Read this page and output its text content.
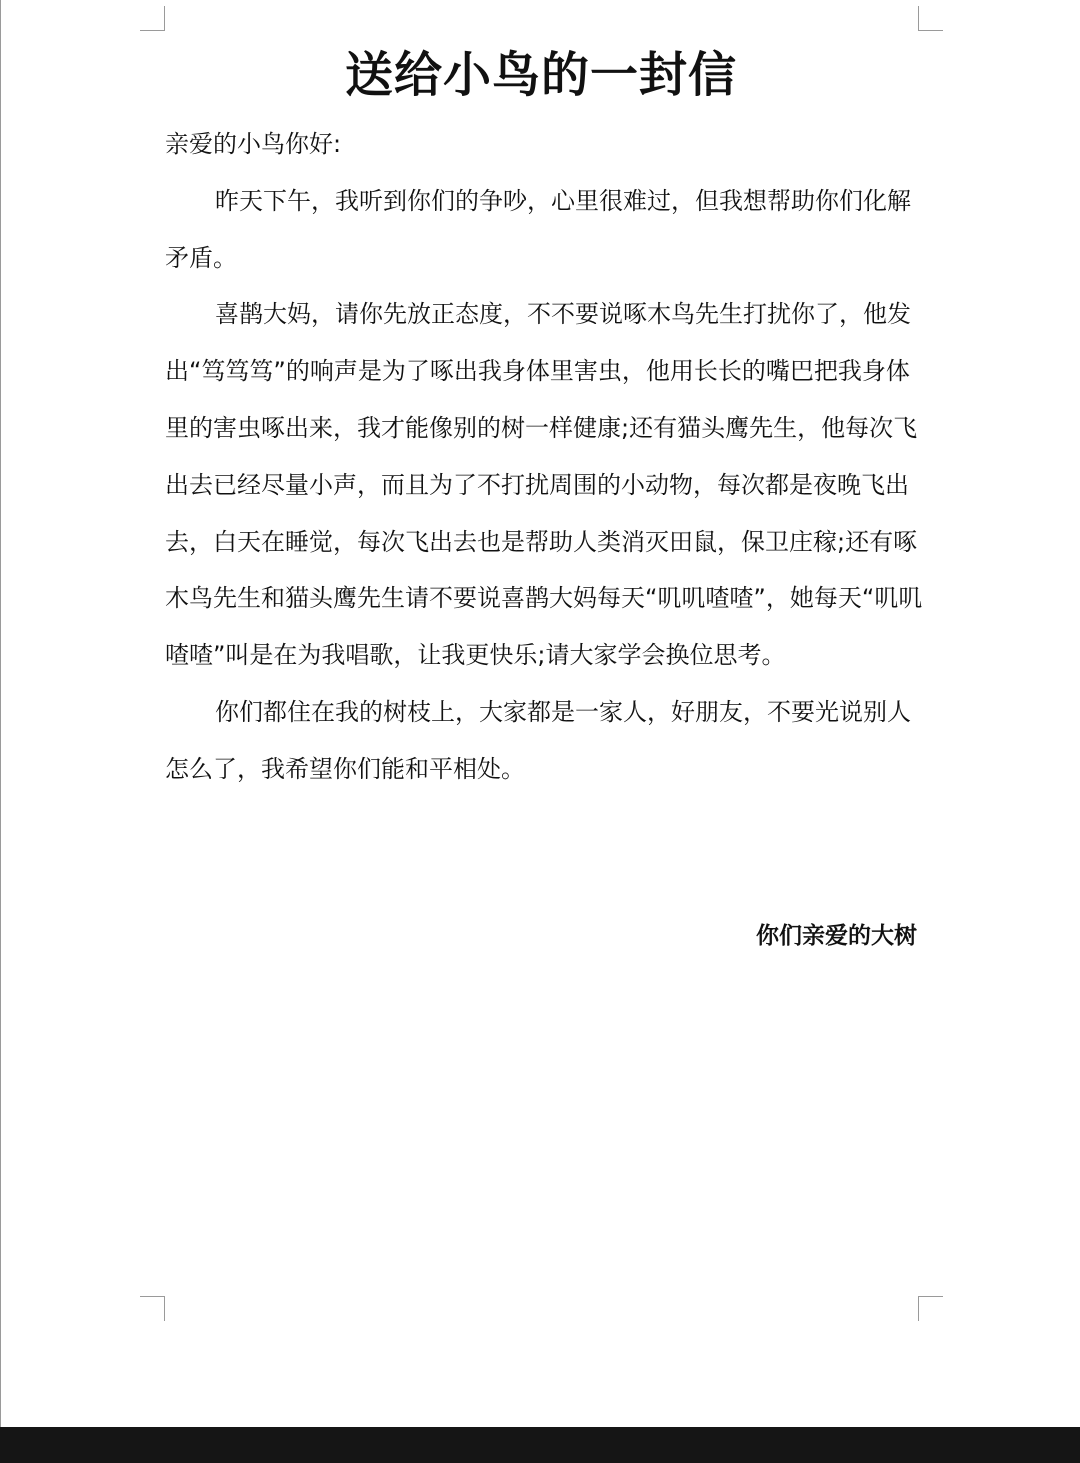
送给小鸟的一封信

亲爱的小鸟你好:

昨天下午，我听到你们的争吵，心里很难过，但我想帮助你们化解矛盾。

喜鹊大妈，请你先放正态度，不不要说啄木鸟先生打扰你了，他发出“笃笃笃”的响声是为了啄出我身体里害虫，他用长长的嘴巴把我身体里的害虫啄出来，我才能像别的树一样健康;还有猫头鹰先生，他每次飞出去已经尽量小声，而且为了不打扰周围的小动物，每次都是夜晚飞出去，白天在睡觉，每次飞出去也是帮助人类消灭田鼠，保卫庄稼;还有啄木鸟先生和猫头鹰先生请不要说喜鹊大妈每天“叽叽喳喳”，她每天“叽叽喳喳”叫是在为我唱歌，让我更快乐;请大家学会换位思考。

你们都住在我的树枝上，大家都是一家人，好朋友，不要光说别人怎么了，我希望你们能和平相处。

你们亲爱的大树
